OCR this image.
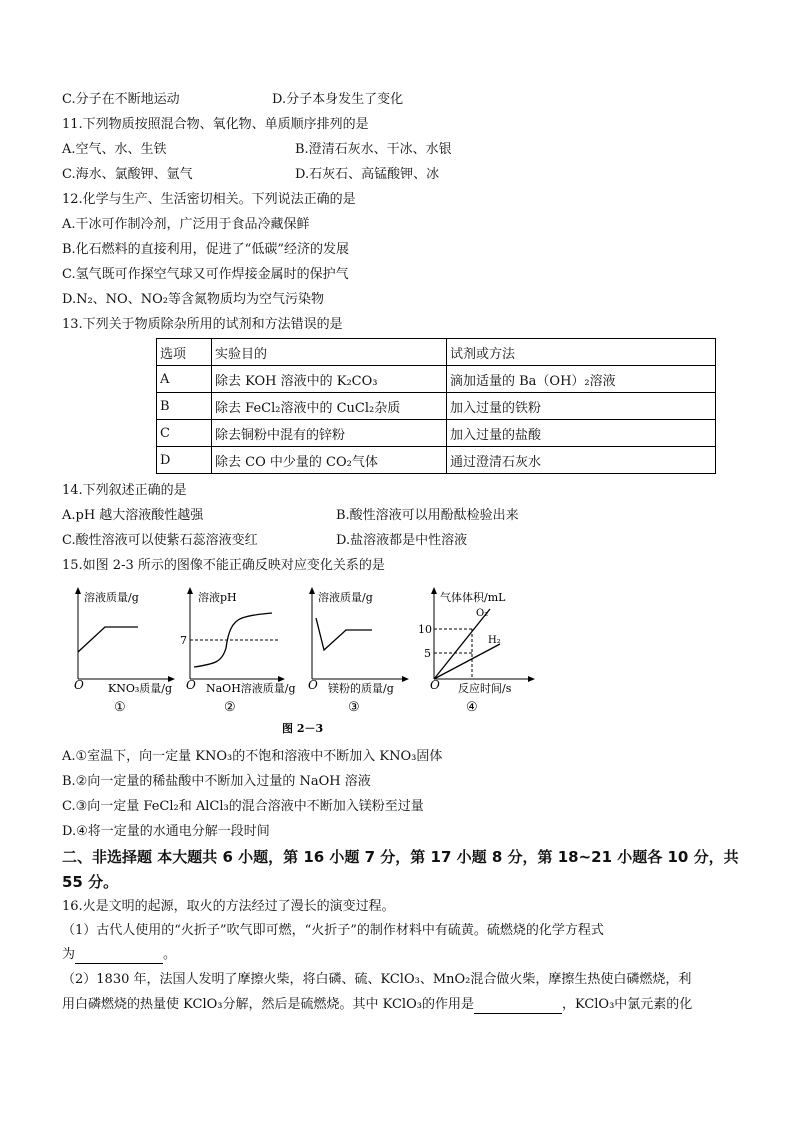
C.分子在不断地运动	D.分子本身发生了变化
11.下列物质按照混合物、氧化物、单质顺序排列的是
A.空气、水、生铁	B.澄清石灰水、干冰、水银
C.海水、氯酸钾、氩气	D.石灰石、高锰酸钾、冰
12.化学与生产、生活密切相关。下列说法正确的是
A.干冰可作制冷剂，广泛用于食品冷藏保鲜
B.化石燃料的直接利用，促进了“低碳”经济的发展
C.氢气既可作探空气球又可作焊接金属时的保护气
D.N₂、NO、NO₂等含氮物质均为空气污染物
13.下列关于物质除杂所用的试剂和方法错误的是
选项	实验目的	试剂或方法
A	除去 KOH 溶液中的 K₂CO₃	滴加适量的 Ba（OH）₂溶液
B	除去 FeCl₂溶液中的 CuCl₂杂质	加入过量的铁粉
C	除去铜粉中混有的锌粉	加入过量的盐酸
D	除去 CO 中少量的 CO₂气体	通过澄清石灰水
14.下列叙述正确的是
A.pH 越大溶液酸性越强	B.酸性溶液可以用酚酞检验出来
C.酸性溶液可以使紫石蕊溶液变红	D.盐溶液都是中性溶液
15.如图 2-3 所示的图像不能正确反映对应变化关系的是
溶液质量/g
O KNO₃质量/g
①
溶液pH
7
O NaOH溶液质量/g
②
溶液质量/g
O 镁粉的质量/g
③
气体体积/mL
O₂
H₂
10
5
O 反应时间/s
④
图 2－3
A.①室温下，向一定量 KNO₃的不饱和溶液中不断加入 KNO₃固体
B.②向一定量的稀盐酸中不断加入过量的 NaOH 溶液
C.③向一定量 FeCl₂和 AlCl₃的混合溶液中不断加入镁粉至过量
D.④将一定量的水通电分解一段时间
二、非选择题 本大题共 6 小题，第 16 小题 7 分，第 17 小题 8 分，第 18~21 小题各 10 分，共
55 分。
16.火是文明的起源，取火的方法经过了漫长的演变过程。
（1）古代人使用的“火折子”吹气即可燃，“火折子”的制作材料中有硫黄。硫燃烧的化学方程式
为	。
（2）1830 年，法国人发明了摩擦火柴，将白磷、硫、KClO₃、MnO₂混合做火柴，摩擦生热使白磷燃烧，利
用白磷燃烧的热量使 KClO₃分解，然后是硫燃烧。其中 KClO₃的作用是	，KClO₃中氯元素的化
